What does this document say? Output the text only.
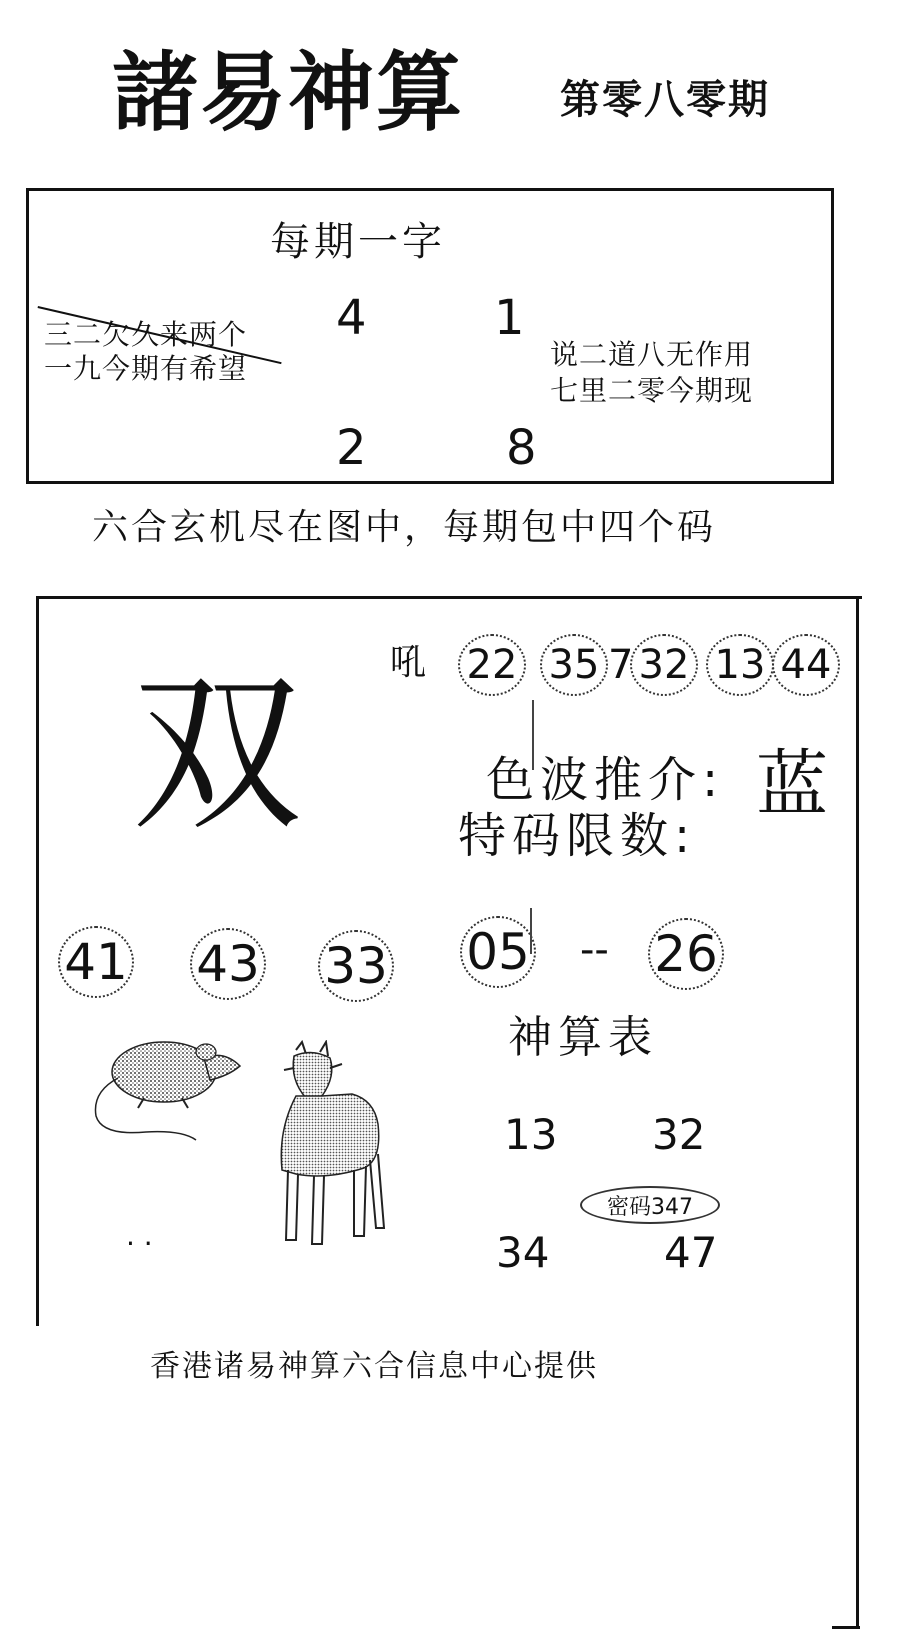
諸易神算 第零八零期
每期一字
4	1
2	8
三二欠久来两个
一九今期有希望	说二道八无作用
七里二零今期现
六合玄机尽在图中，每期包中四个码
双 吼 22 35 7 32 13 44
色波推介: 蓝
特码限数:
41 43 33 05 -- 26
神算表
13 32
密码347
34	47
. .
香港诸易神算六合信息中心提供
